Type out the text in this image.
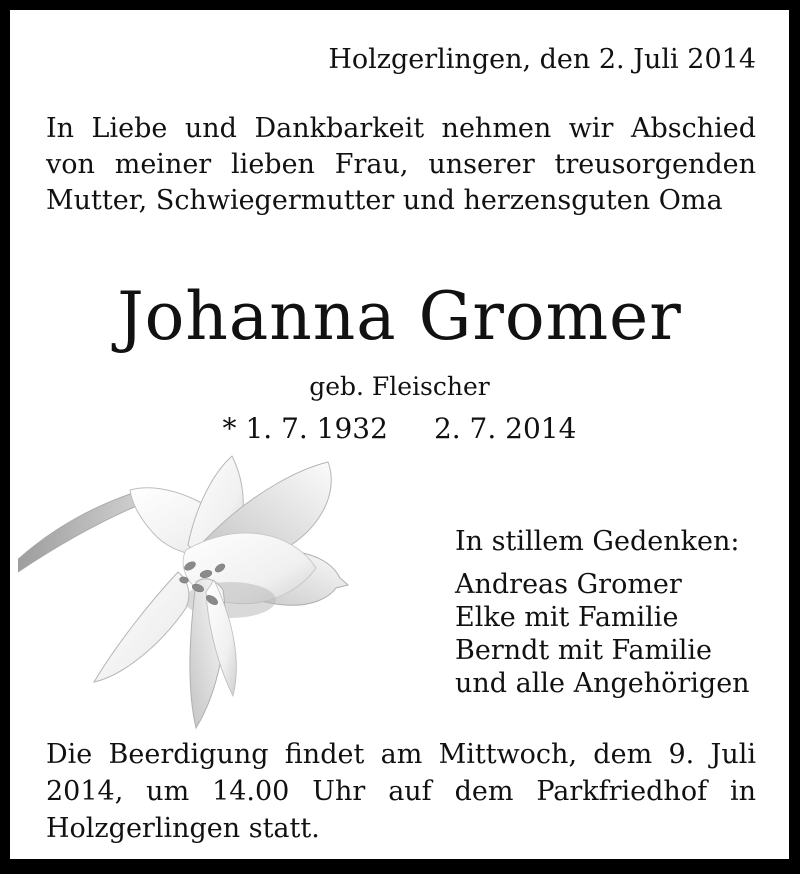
Holzgerlingen, den 2. Juli 2014
In Liebe und Dankbarkeit nehmen wir Abschied
von meiner lieben Frau, unserer treusorgenden
Mutter, Schwiegermutter und herzensguten Oma
Johanna Gromer
geb. Fleischer
* 1. 7. 1932 2. 7. 2014
In stillem Gedenken:
Andreas Gromer
Elke mit Familie
Berndt mit Familie
und alle Angehörigen
Die Beerdigung findet am Mittwoch, dem 9. Juli
2014, um 14.00 Uhr auf dem Parkfriedhof in
Holzgerlingen statt.
